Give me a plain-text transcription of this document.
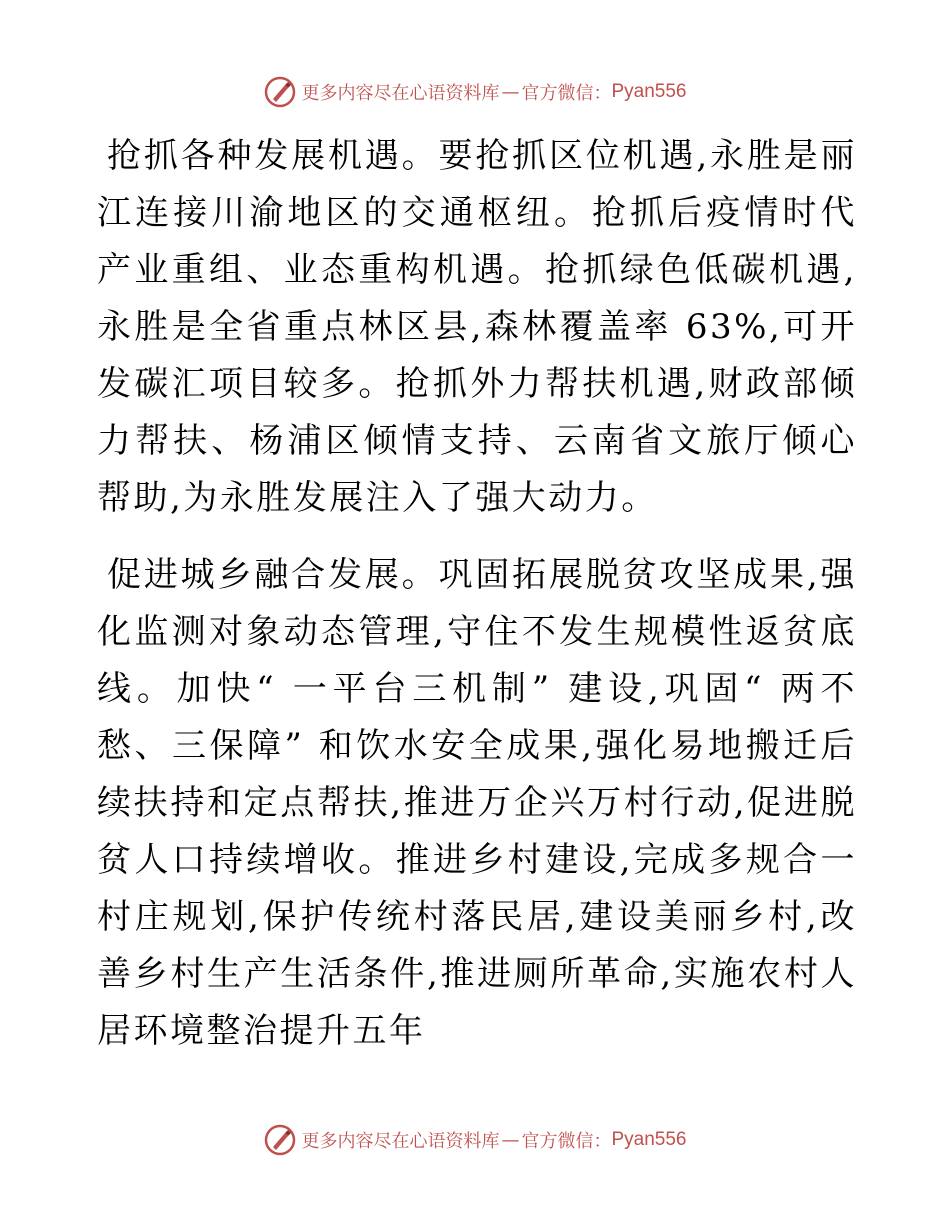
更多内容尽在心语资料库 — 官方微信： Pyan556

抢抓各种发展机遇。要抢抓区位机遇,永胜是丽江连接川渝地区的交通枢纽。抢抓后疫情时代产业重组、业态重构机遇。抢抓绿色低碳机遇,永胜是全省重点林区县,森林覆盖率 63%,可开发碳汇项目较多。抢抓外力帮扶机遇,财政部倾力帮扶、杨浦区倾情支持、云南省文旅厅倾心帮助,为永胜发展注入了强大动力。

促进城乡融合发展。巩固拓展脱贫攻坚成果,强化监测对象动态管理,守住不发生规模性返贫底线。加快“ 一平台三机制” 建设,巩固“ 两不愁、三保障” 和饮水安全成果,强化易地搬迁后续扶持和定点帮扶,推进万企兴万村行动,促进脱贫人口持续增收。推进乡村建设,完成多规合一村庄规划,保护传统村落民居,建设美丽乡村,改善乡村生产生活条件,推进厕所革命,实施农村人居环境整治提升五年

更多内容尽在心语资料库 — 官方微信： Pyan556
